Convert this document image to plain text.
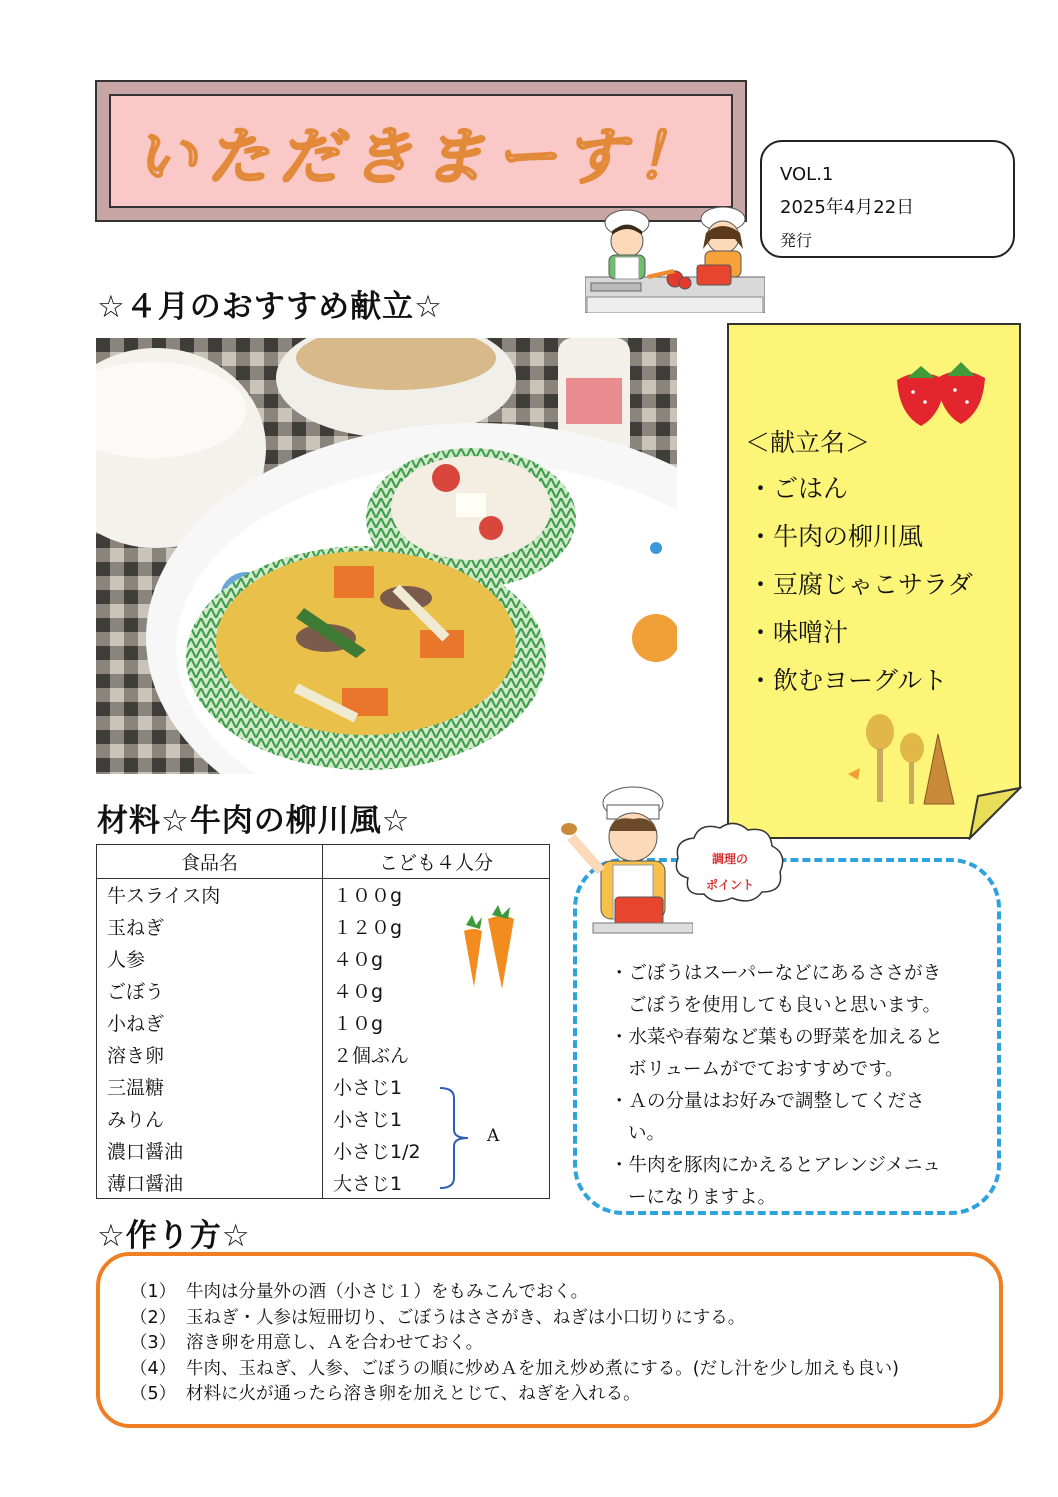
いただきまーす！	VOL.1
2025年4月22日
発行
☆４月のおすすめ献立☆
＜献立名＞
・ごはん
・牛肉の柳川風
・豆腐じゃこサラダ
・味噌汁
・飲むヨーグルト
材料☆牛肉の柳川風☆
食品名	こども４人分
牛スライス肉	１００g
玉ねぎ	１２０g
人参	４０g
ごぼう	４０g
小ねぎ	１０g
溶き卵	２個ぶん
三温糖	小さじ1
みりん	小さじ1
濃口醤油	小さじ1/2
薄口醤油	大さじ1
A
調理の
ポイント
・ごぼうはスーパーなどにあるささがきごぼうを使用しても良いと思います。
・水菜や春菊など葉もの野菜を加えるとボリュームがでておすすめです。
・Ａの分量はお好みで調整してください。
・牛肉を豚肉にかえるとアレンジメニューになりますよ。
☆作り方☆
（1） 牛肉は分量外の酒（小さじ１）をもみこんでおく。
（2） 玉ねぎ・人参は短冊切り、ごぼうはささがき、ねぎは小口切りにする。
（3） 溶き卵を用意し、Ａを合わせておく。
（4） 牛肉、玉ねぎ、人参、ごぼうの順に炒めＡを加え炒め煮にする。(だし汁を少し加えも良い)
（5） 材料に火が通ったら溶き卵を加えとじて、ねぎを入れる。
